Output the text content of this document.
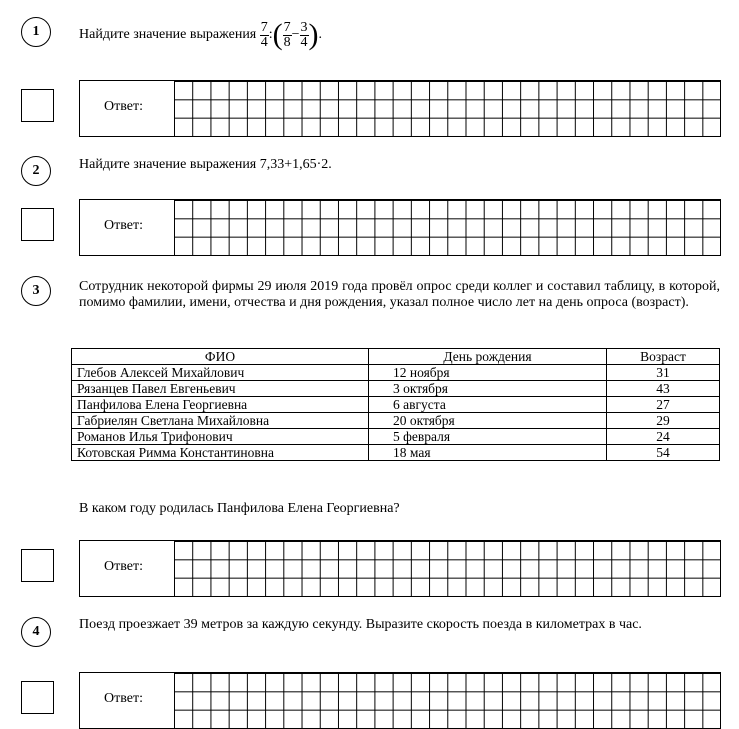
1	Найдите значение выражения $\frac{7}{4}$ :( $\frac{7}{8} - \frac{3}{4}$ ).
Ответ:
2	Найдите значение выражения 7,33+1,65·2.
Ответ:
3	Сотрудник некоторой фирмы 29 июля 2019 года провёл опрос среди коллег и составил таблицу, в которой, помимо фамилии, имени, отчества и дня рождения, указал полное число лет на день опроса (возраст).
ФИО	День рождения	Возраст
Глебов Алексей Михайлович	12 ноября	31
Рязанцев Павел Евгеньевич	3 октября	43
Панфилова Елена Георгиевна	6 августа	27
Габриелян Светлана Михайловна	20 октября	29
Романов Илья Трифонович	5 февраля	24
Котовская Римма Константиновна	18 мая	54
В каком году родилась Панфилова Елена Георгиевна?
Ответ:
4	Поезд проезжает 39 метров за каждую секунду. Выразите скорость поезда в километрах в час.
Ответ:
